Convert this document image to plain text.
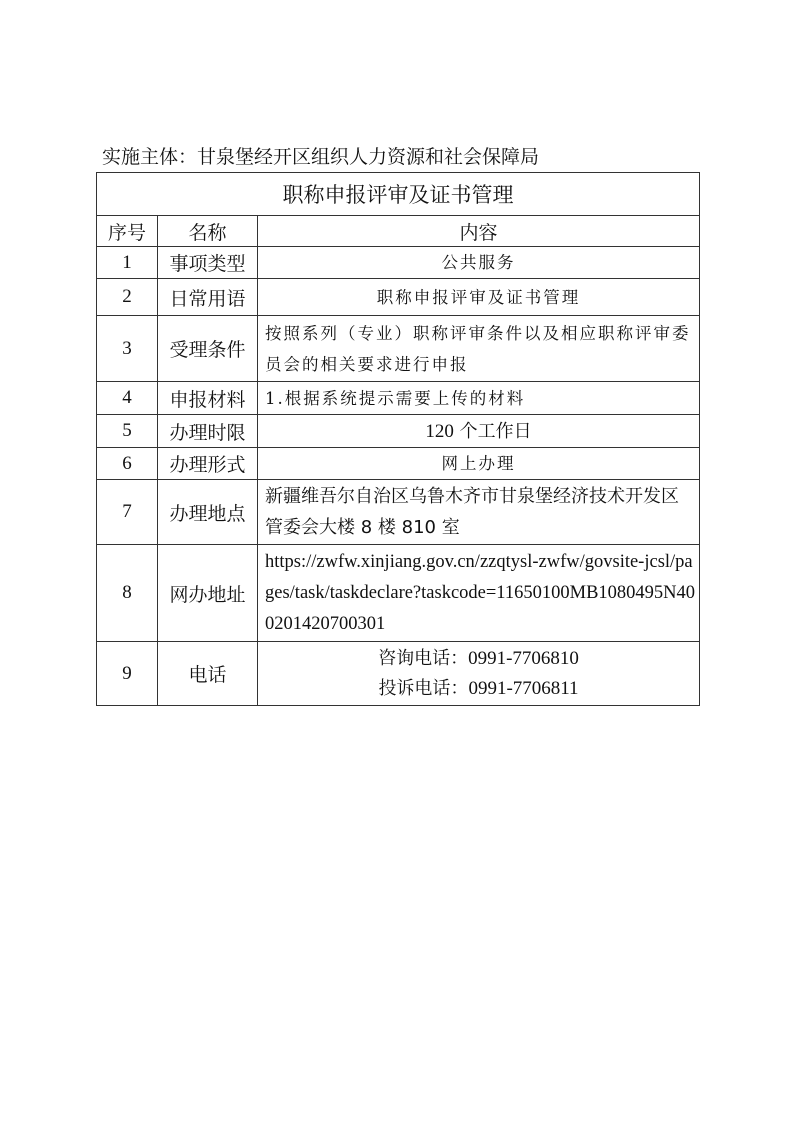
实施主体：甘泉堡经开区组织人力资源和社会保障局
职称申报评审及证书管理		
序号	名称	内容
1	事项类型	公共服务
2	日常用语	职称申报评审及证书管理
3	受理条件	按照系列（专业）职称评审条件以及相应职称评审委员会的相关要求进行申报
4	申报材料	1.根据系统提示需要上传的材料
5	办理时限	120 个工作日
6	办理形式	网上办理
7	办理地点	新疆维吾尔自治区乌鲁木齐市甘泉堡经济技术开发区管委会大楼 8 楼 810 室
8	网办地址	https://zwfw.xinjiang.gov.cn/zzqtysl-zwfw/govsite-jcsl/pages/task/taskdeclare?taskcode=11650100MB1080495N400201420700301
9	电话	咨询电话：0991-7706810
投诉电话：0991-7706811
